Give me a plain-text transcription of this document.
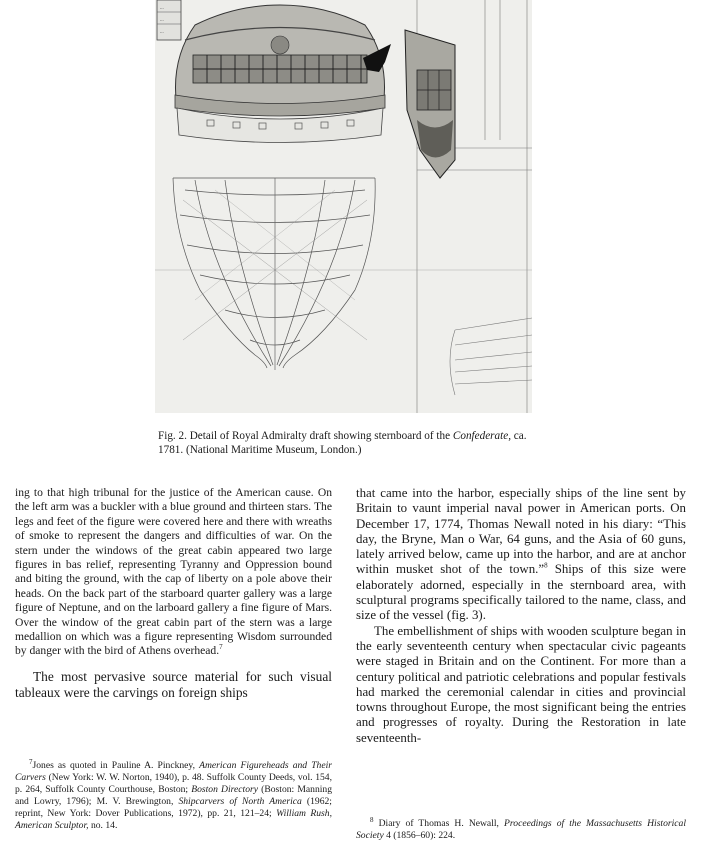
...
...
...
Fig. 2. Detail of Royal Admiralty draft showing sternboard of the Confederate, ca. 1781. (National Maritime Museum, London.)

ing to that high tribunal for the justice of the American cause. On the left arm was a buckler with a blue ground and thirteen stars. The legs and feet of the figure were covered here and there with wreaths of smoke to represent the dangers and difficulties of war. On the stern under the windows of the great cabin appeared two large figures in bas relief, representing Tyranny and Oppression bound and biting the ground, with the cap of liberty on a pole above their heads. On the back part of the starboard quarter gallery was a large figure of Neptune, and on the larboard gallery a fine figure of Mars. Over the window of the great cabin part of the stern was a large medallion on which was a figure representing Wisdom surrounded by danger with the bird of Athens overhead.$^7$

The most pervasive source material for such visual tableaux were the carvings on foreign ships

that came into the harbor, especially ships of the line sent by Britain to vaunt imperial naval power in American ports. On December 17, 1774, Thomas Newall noted in his diary: “This day, the Bryne, Man o War, 64 guns, and the Asia of 60 guns, lately arrived below, came up into the harbor, and are at anchor within musket shot of the town.”$^8$ Ships of this size were elaborately adorned, especially in the sternboard area, with sculptural programs specifically tailored to the name, class, and size of the vessel (fig. 3).

The embellishment of ships with wooden sculpture began in the early seventeenth century when spectacular civic pageants were staged in Britain and on the Continent. For more than a century political and patriotic celebrations and popular festivals had marked the ceremonial calendar in cities and provincial towns throughout Europe, the most significant being the entries and progresses of royalty. During the Restoration in late seventeenth-

$^7$Jones as quoted in Pauline A. Pinckney, American Figureheads and Their Carvers (New York: W. W. Norton, 1940), p. 48. Suffolk County Deeds, vol. 154, p. 264, Suffolk County Courthouse, Boston; Boston Directory (Boston: Manning and Lowry, 1796); M. V. Brewington, Shipcarvers of North America (1962; reprint, New York: Dover Publications, 1972), pp. 21, 121–24; William Rush, American Sculptor, no. 14.	$^8$ Diary of Thomas H. Newall, Proceedings of the Massachusetts Historical Society 4 (1856–60): 224.
